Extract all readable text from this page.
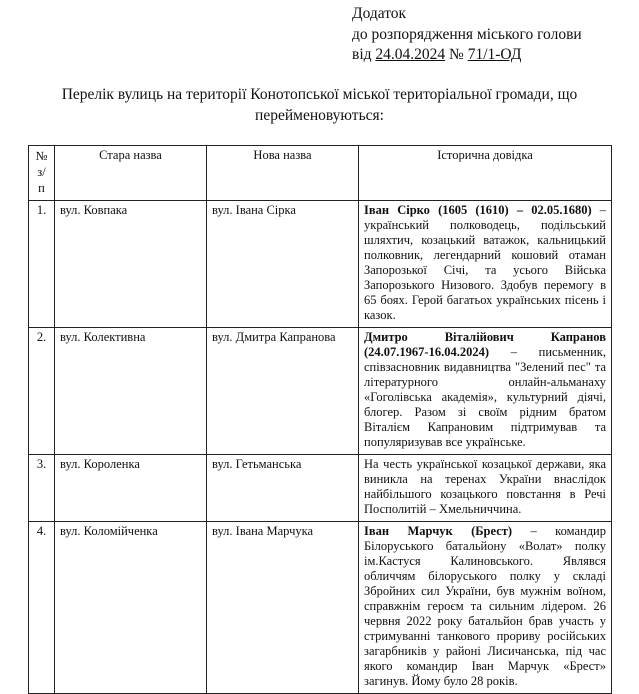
Додаток
до розпорядження міського голови
від 24.04.2024 № 71/1-ОД
Перелік вулиць на території Конотопської міської територіальної громади, що перейменовуються:
№
з/п	Стара назва	Нова назва	Історична довідка
1.	вул. Ковпака	вул. Івана Сірка	Іван Сірко (1605 (1610) – 02.05.1680) – український полководець, подільський шляхтич, козацький ватажок, кальницький полковник, легендарний кошовий отаман Запорозької Січі, та усього Війська Запорозького Низового. Здобув перемогу в 65 боях. Герой багатьох українських пісень і казок.
2.	вул. Колективна	вул. Дмитра Капранова	Дмитро Віталійович Капранов (24.07.1967-16.04.2024) – письменник, співзасновник видавництва "Зелений пес" та літературного онлайн-альманаху «Гоголівська академія», культурний діячі, блогер. Разом зі своїм рідним братом Віталієм Капрановим підтримував та популяризував все українське.
3.	вул. Короленка	вул. Гетьманська	На честь української козацької держави, яка виникла на теренах України внаслідок найбільшого козацького повстання в Речі Посполитій – Хмельниччина.
4.	вул. Коломійченка	вул. Івана Марчука	Іван Марчук (Брест) – командир Білоруського батальйону «Волат» полку ім.Кастуся Калиновського. Являвся обличчям білоруського полку у складі Збройних сил України, був мужнім воїном, справжнім героєм та сильним лідером. 26 червня 2022 року батальйон брав участь у стримуванні танкового прориву російських загарбників у районі Лисичанська, під час якого командир Іван Марчук «Брест» загинув. Йому було 28 років.
